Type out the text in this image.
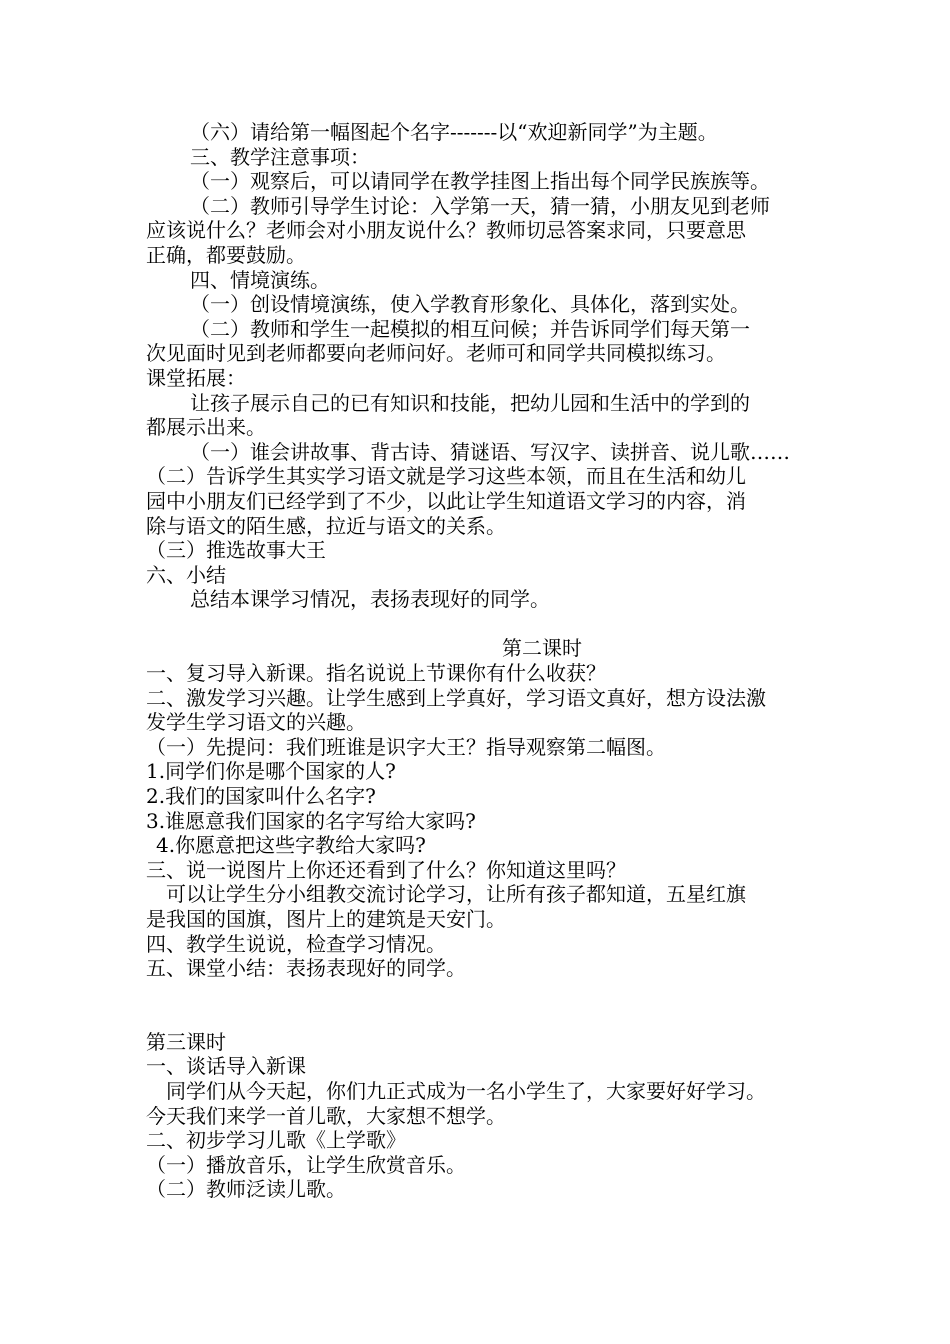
（六）请给第一幅图起个名字-------以“欢迎新同学”为主题。
三、教学注意事项：
（一）观察后，可以请同学在教学挂图上指出每个同学民族族等。
（二）教师引导学生讨论：入学第一天，猜一猜，小朋友见到老师
应该说什么？老师会对小朋友说什么？教师切忌答案求同，只要意思
正确，都要鼓励。
四、情境演练。
（一）创设情境演练，使入学教育形象化、具体化，落到实处。
（二）教师和学生一起模拟的相互问候；并告诉同学们每天第一
次见面时见到老师都要向老师问好。老师可和同学共同模拟练习。
课堂拓展：
让孩子展示自己的已有知识和技能，把幼儿园和生活中的学到的
都展示出来。
（一）谁会讲故事、背古诗、猜谜语、写汉字、读拼音、说儿歌……
（二）告诉学生其实学习语文就是学习这些本领，而且在生活和幼儿
园中小朋友们已经学到了不少，以此让学生知道语文学习的内容，消
除与语文的陌生感，拉近与语文的关系。
（三）推选故事大王
六、小结
总结本课学习情况，表扬表现好的同学。
第二课时
一、复习导入新课。指名说说上节课你有什么收获？
二、激发学习兴趣。让学生感到上学真好，学习语文真好，想方设法激
发学生学习语文的兴趣。
（一）先提问：我们班谁是识字大王？指导观察第二幅图。
1.同学们你是哪个国家的人?
2.我们的国家叫什么名字?
3.谁愿意我们国家的名字写给大家吗?
4.你愿意把这些字教给大家吗?
三、说一说图片上你还还看到了什么？你知道这里吗？
可以让学生分小组教交流讨论学习，让所有孩子都知道，五星红旗
是我国的国旗，图片上的建筑是天安门。
四、教学生说说，检查学习情况。
五、课堂小结：表扬表现好的同学。
第三课时
一、谈话导入新课
同学们从今天起，你们九正式成为一名小学生了，大家要好好学习。
今天我们来学一首儿歌，大家想不想学。
二、初步学习儿歌《上学歌》
（一）播放音乐，让学生欣赏音乐。
（二）教师泛读儿歌。
